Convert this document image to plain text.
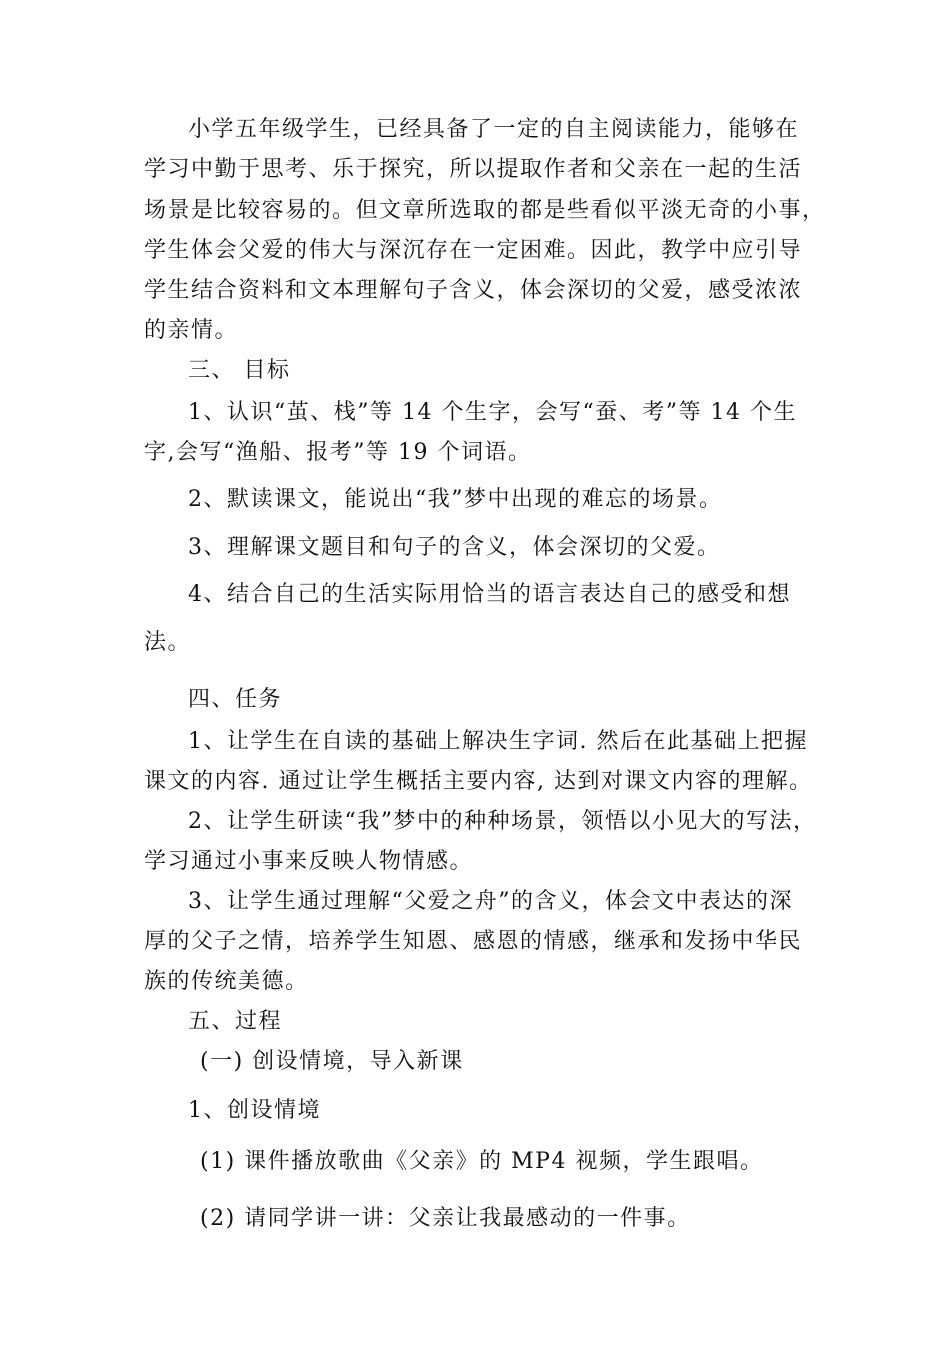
小学五年级学生，已经具备了一定的自主阅读能力，能够在
学习中勤于思考、乐于探究，所以提取作者和父亲在一起的生活
场景是比较容易的。但文章所选取的都是些看似平淡无奇的小事，
学生体会父爱的伟大与深沉存在一定困难。因此，教学中应引导
学生结合资料和文本理解句子含义，体会深切的父爱，感受浓浓
的亲情。
三、 目标
1、认识“茧、栈”等 14 个生字，会写“蚕、考”等 14 个生
字,会写“渔船、报考”等 19 个词语。
2、默读课文，能说出“我”梦中出现的难忘的场景。
3、理解课文题目和句子的含义，体会深切的父爱。
4、结合自己的生活实际用恰当的语言表达自己的感受和想
法。
四、任务
1、让学生在自读的基础上解决生字词. 然后在此基础上把握
课文的内容. 通过让学生概括主要内容, 达到对课文内容的理解。
2、让学生研读“我”梦中的种种场景，领悟以小见大的写法，
学习通过小事来反映人物情感。
3、让学生通过理解“父爱之舟”的含义，体会文中表达的深
厚的父子之情，培养学生知恩、感恩的情感，继承和发扬中华民
族的传统美德。
五、过程
(一) 创设情境，导入新课
1、创设情境
(1) 课件播放歌曲《父亲》的 MP4 视频，学生跟唱。
(2) 请同学讲一讲：父亲让我最感动的一件事。
